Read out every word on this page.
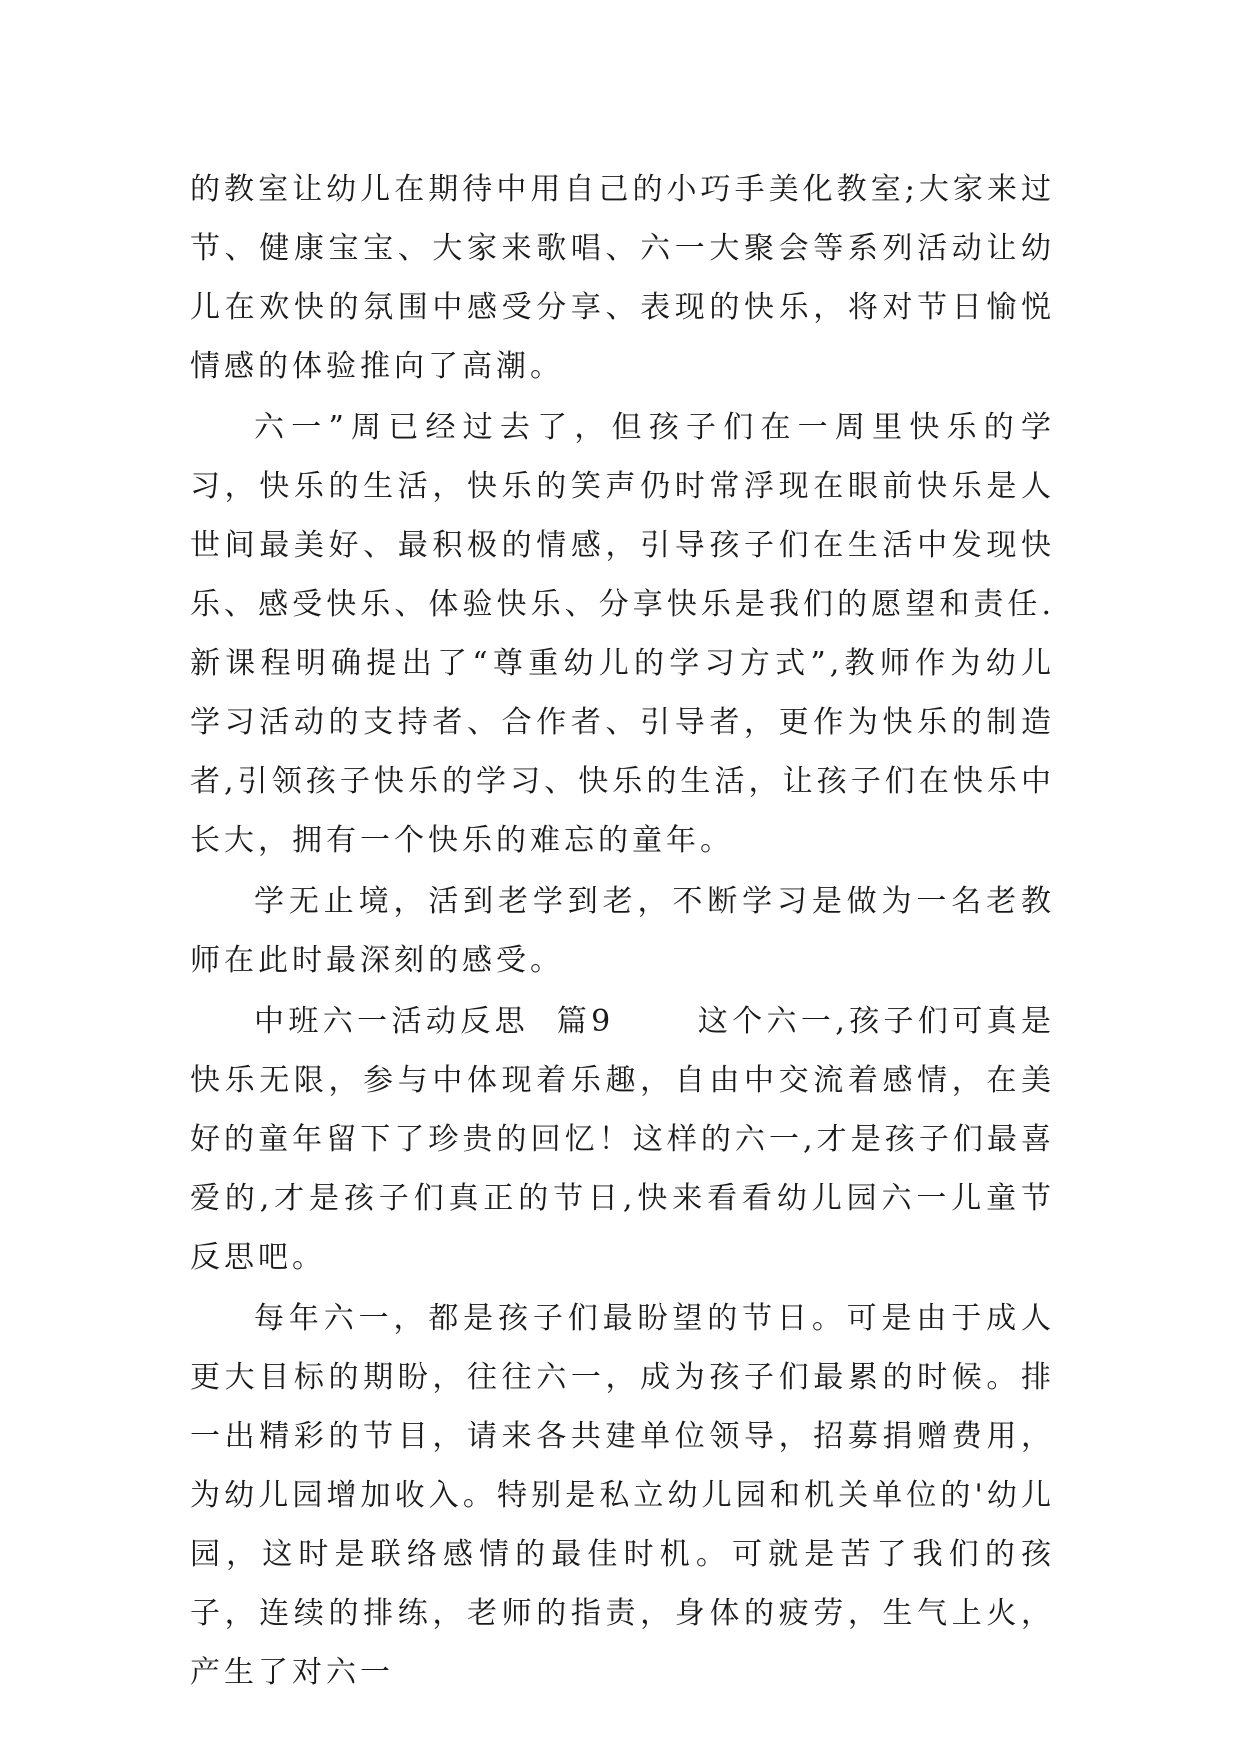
的教室让幼儿在期待中用自己的小巧手美化教室;大家来过节、健康宝宝、大家来歌唱、六一大聚会等系列活动让幼儿在欢快的氛围中感受分享、表现的快乐，将对节日愉悦情感的体验推向了高潮。

六一”周已经过去了，但孩子们在一周里快乐的学习，快乐的生活，快乐的笑声仍时常浮现在眼前快乐是人世间最美好、最积极的情感，引导孩子们在生活中发现快乐、感受快乐、体验快乐、分享快乐是我们的愿望和责任.新课程明确提出了“尊重幼儿的学习方式”,教师作为幼儿学习活动的支持者、合作者、引导者，更作为快乐的制造者,引领孩子快乐的学习、快乐的生活，让孩子们在快乐中长大，拥有一个快乐的难忘的童年。

学无止境，活到老学到老，不断学习是做为一名老教师在此时最深刻的感受。

中班六一活动反思  篇9      这个六一,孩子们可真是快乐无限，参与中体现着乐趣，自由中交流着感情，在美好的童年留下了珍贵的回忆！这样的六一,才是孩子们最喜爱的,才是孩子们真正的节日,快来看看幼儿园六一儿童节反思吧。

每年六一，都是孩子们最盼望的节日。可是由于成人更大目标的期盼，往往六一，成为孩子们最累的时候。排一出精彩的节目，请来各共建单位领导，招募捐赠费用，为幼儿园增加收入。特别是私立幼儿园和机关单位的'幼儿园，这时是联络感情的最佳时机。可就是苦了我们的孩子，连续的排练，老师的指责，身体的疲劳，生气上火，产生了对六一
